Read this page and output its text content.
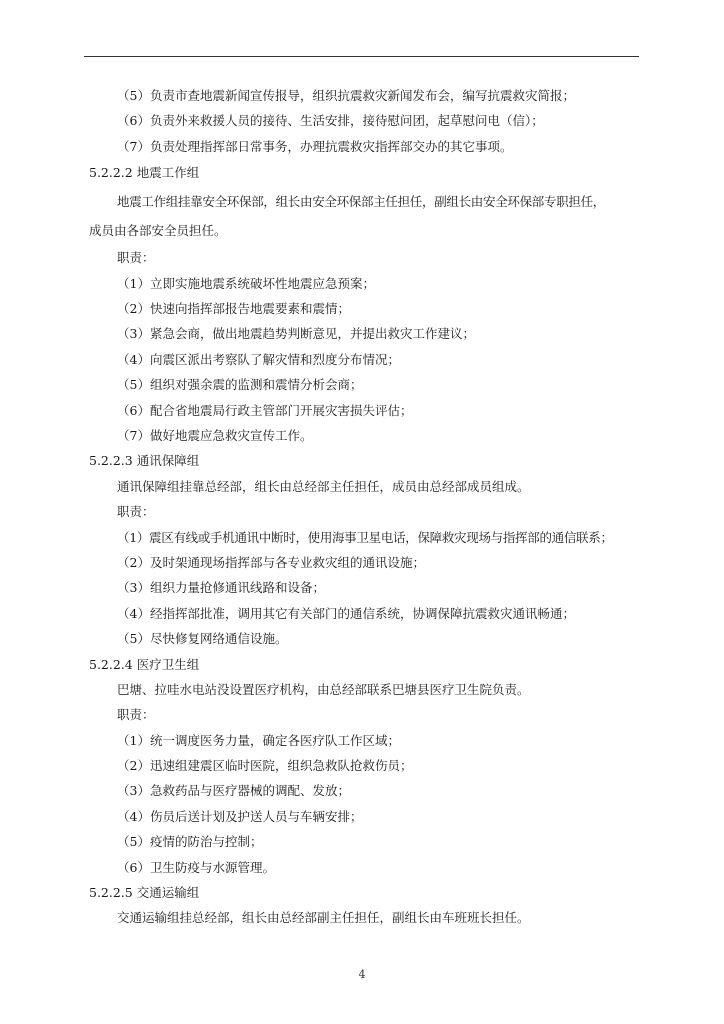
（5）负责市查地震新闻宣传报导，组织抗震救灾新闻发布会，编写抗震救灾简报；
（6）负责外来救援人员的接待、生活安排，接待慰问团，起草慰问电（信）；
（7）负责处理指挥部日常事务，办理抗震救灾指挥部交办的其它事项。
5.2.2.2 地震工作组
地震工作组挂靠安全环保部，组长由安全环保部主任担任，副组长由安全环保部专职担任，
成员由各部安全员担任。
职责：
（1）立即实施地震系统破坏性地震应急预案；
（2）快速向指挥部报告地震要素和震情；
（3）紧急会商，做出地震趋势判断意见，并提出救灾工作建议；
（4）向震区派出考察队了解灾情和烈度分布情况；
（5）组织对强余震的监测和震情分析会商；
（6）配合省地震局行政主管部门开展灾害损失评估；
（7）做好地震应急救灾宣传工作。
5.2.2.3 通讯保障组
通讯保障组挂靠总经部，组长由总经部主任担任，成员由总经部成员组成。
职责：
（1）震区有线或手机通讯中断时，使用海事卫星电话，保障救灾现场与指挥部的通信联系；
（2）及时架通现场指挥部与各专业救灾组的通讯设施；
（3）组织力量抢修通讯线路和设备；
（4）经指挥部批准，调用其它有关部门的通信系统，协调保障抗震救灾通讯畅通；
（5）尽快修复网络通信设施。
5.2.2.4 医疗卫生组
巴塘、拉哇水电站没设置医疗机构，由总经部联系巴塘县医疗卫生院负责。
职责：
（1）统一调度医务力量，确定各医疗队工作区域；
（2）迅速组建震区临时医院，组织急救队抢救伤员；
（3）急救药品与医疗器械的调配、发放；
（4）伤员后送计划及护送人员与车辆安排；
（5）疫情的防治与控制；
（6）卫生防疫与水源管理。
5.2.2.5 交通运输组
交通运输组挂总经部，组长由总经部副主任担任，副组长由车班班长担任。
4
